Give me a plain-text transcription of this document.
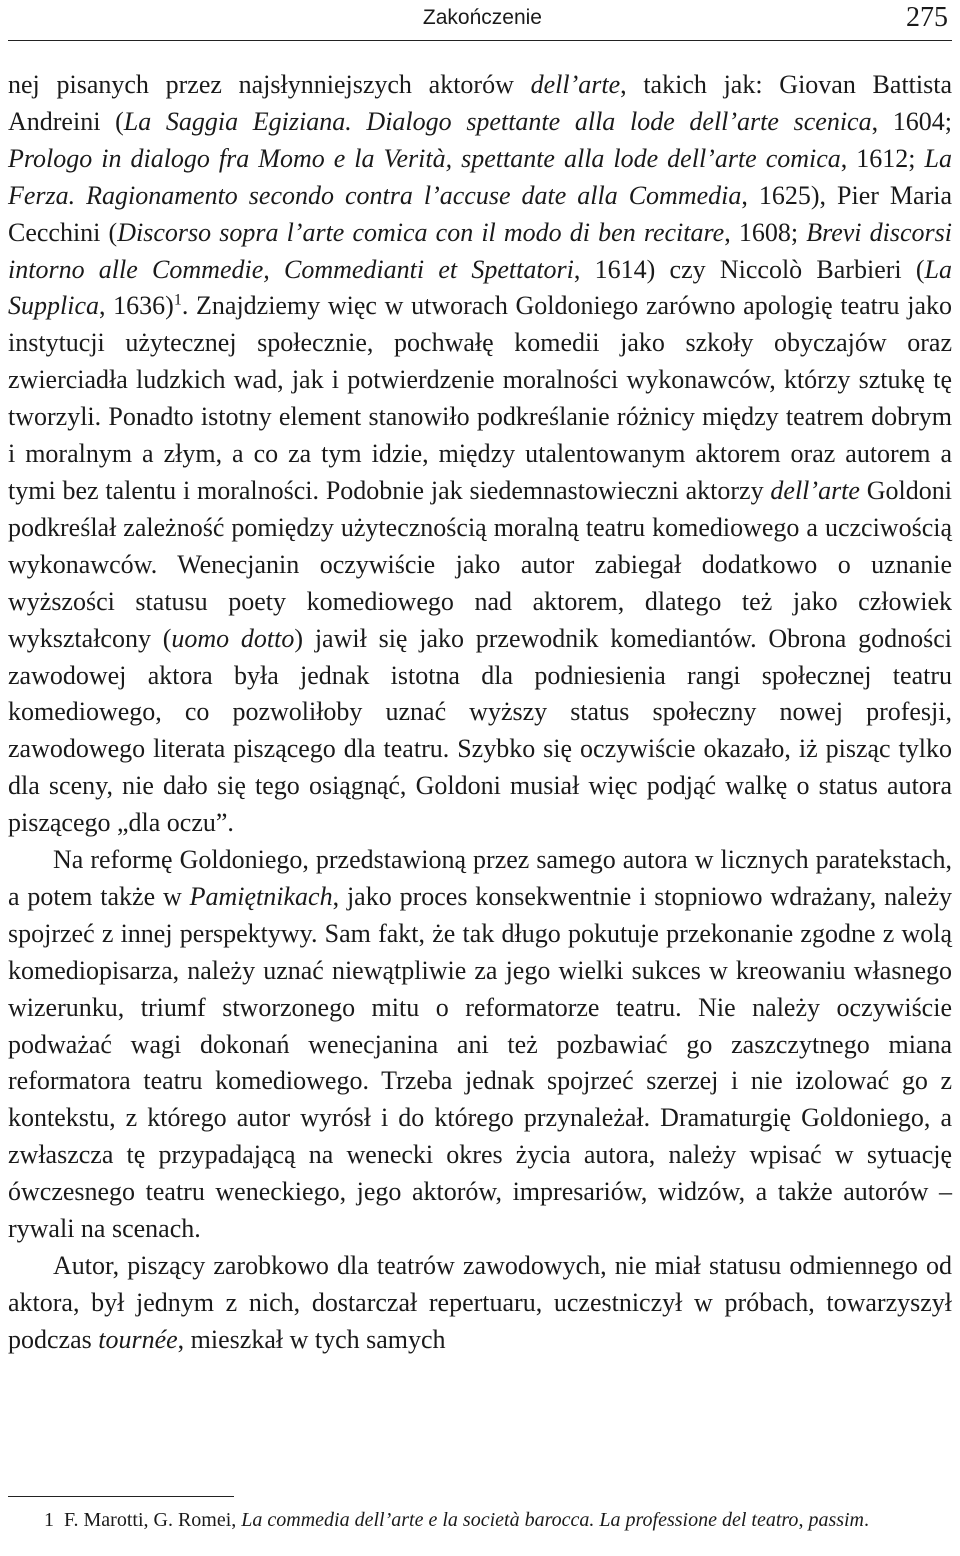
Zakończenie	275

nej pisanych przez najsłynniejszych aktorów dell’arte, takich jak: Giovan Battista Andreini (La Saggia Egiziana. Dialogo spettante alla lode dell’arte scenica, 1604; Prologo in dialogo fra Momo e la Verità, spettante alla lode dell’arte comica, 1612; La Ferza. Ragionamento secondo contra l’accuse date alla Commedia, 1625), Pier Maria Cecchini (Discorso sopra l’arte comica con il modo di ben recitare, 1608; Brevi discorsi intorno alle Commedie, Commedianti et Spettatori, 1614) czy Niccolò Barbieri (La Supplica, 1636)$^1$. Znajdziemy więc w utworach Goldoniego zarówno apologię teatru jako instytucji użytecznej społecznie, pochwałę komedii jako szkoły obyczajów oraz zwierciadła ludzkich wad, jak i potwierdzenie moralności wykonawców, którzy sztukę tę tworzyli. Ponadto istotny element stanowiło podkreślanie różnicy między teatrem dobrym i moralnym a złym, a co za tym idzie, między utalentowanym aktorem oraz autorem a tymi bez talentu i moralności. Podobnie jak siedemnastowieczni aktorzy dell’arte Goldoni podkreślał zależność pomiędzy użytecznością moralną teatru komediowego a uczciwością wykonawców. Wenecjanin oczywiście jako autor zabiegał dodatkowo o uznanie wyższości statusu poety komediowego nad aktorem, dlatego też jako człowiek wykształcony (uomo dotto) jawił się jako przewodnik komediantów. Obrona godności zawodowej aktora była jednak istotna dla podniesienia rangi społecznej teatru komediowego, co pozwoliłoby uznać wyższy status społeczny nowej profesji, zawodowego literata piszącego dla teatru. Szybko się oczywiście okazało, iż pisząc tylko dla sceny, nie dało się tego osiągnąć, Goldoni musiał więc podjąć walkę o status autora piszącego „dla oczu”.

Na reformę Goldoniego, przedstawioną przez samego autora w licznych paratekstach, a potem także w Pamiętnikach, jako proces konsekwentnie i stopniowo wdrażany, należy spojrzeć z innej perspektywy. Sam fakt, że tak długo pokutuje przekonanie zgodne z wolą komediopisarza, należy uznać niewątpliwie za jego wielki sukces w kreowaniu własnego wizerunku, triumf stworzonego mitu o reformatorze teatru. Nie należy oczywiście podważać wagi dokonań wenecjanina ani też pozbawiać go zaszczytnego miana reformatora teatru komediowego. Trzeba jednak spojrzeć szerzej i nie izolować go z kontekstu, z którego autor wyrósł i do którego przynależał. Dramaturgię Goldoniego, a zwłaszcza tę przypadającą na wenecki okres życia autora, należy wpisać w sytuację ówczesnego teatru weneckiego, jego aktorów, impresariów, widzów, a także autorów – rywali na scenach.

Autor, piszący zarobkowo dla teatrów zawodowych, nie miał statusu odmiennego od aktora, był jednym z nich, dostarczał repertuaru, uczestniczył w próbach, towarzyszył podczas tournée, mieszkał w tych samych

1 F. Marotti, G. Romei, La commedia dell’arte e la società barocca. La professione del teatro, passim.
